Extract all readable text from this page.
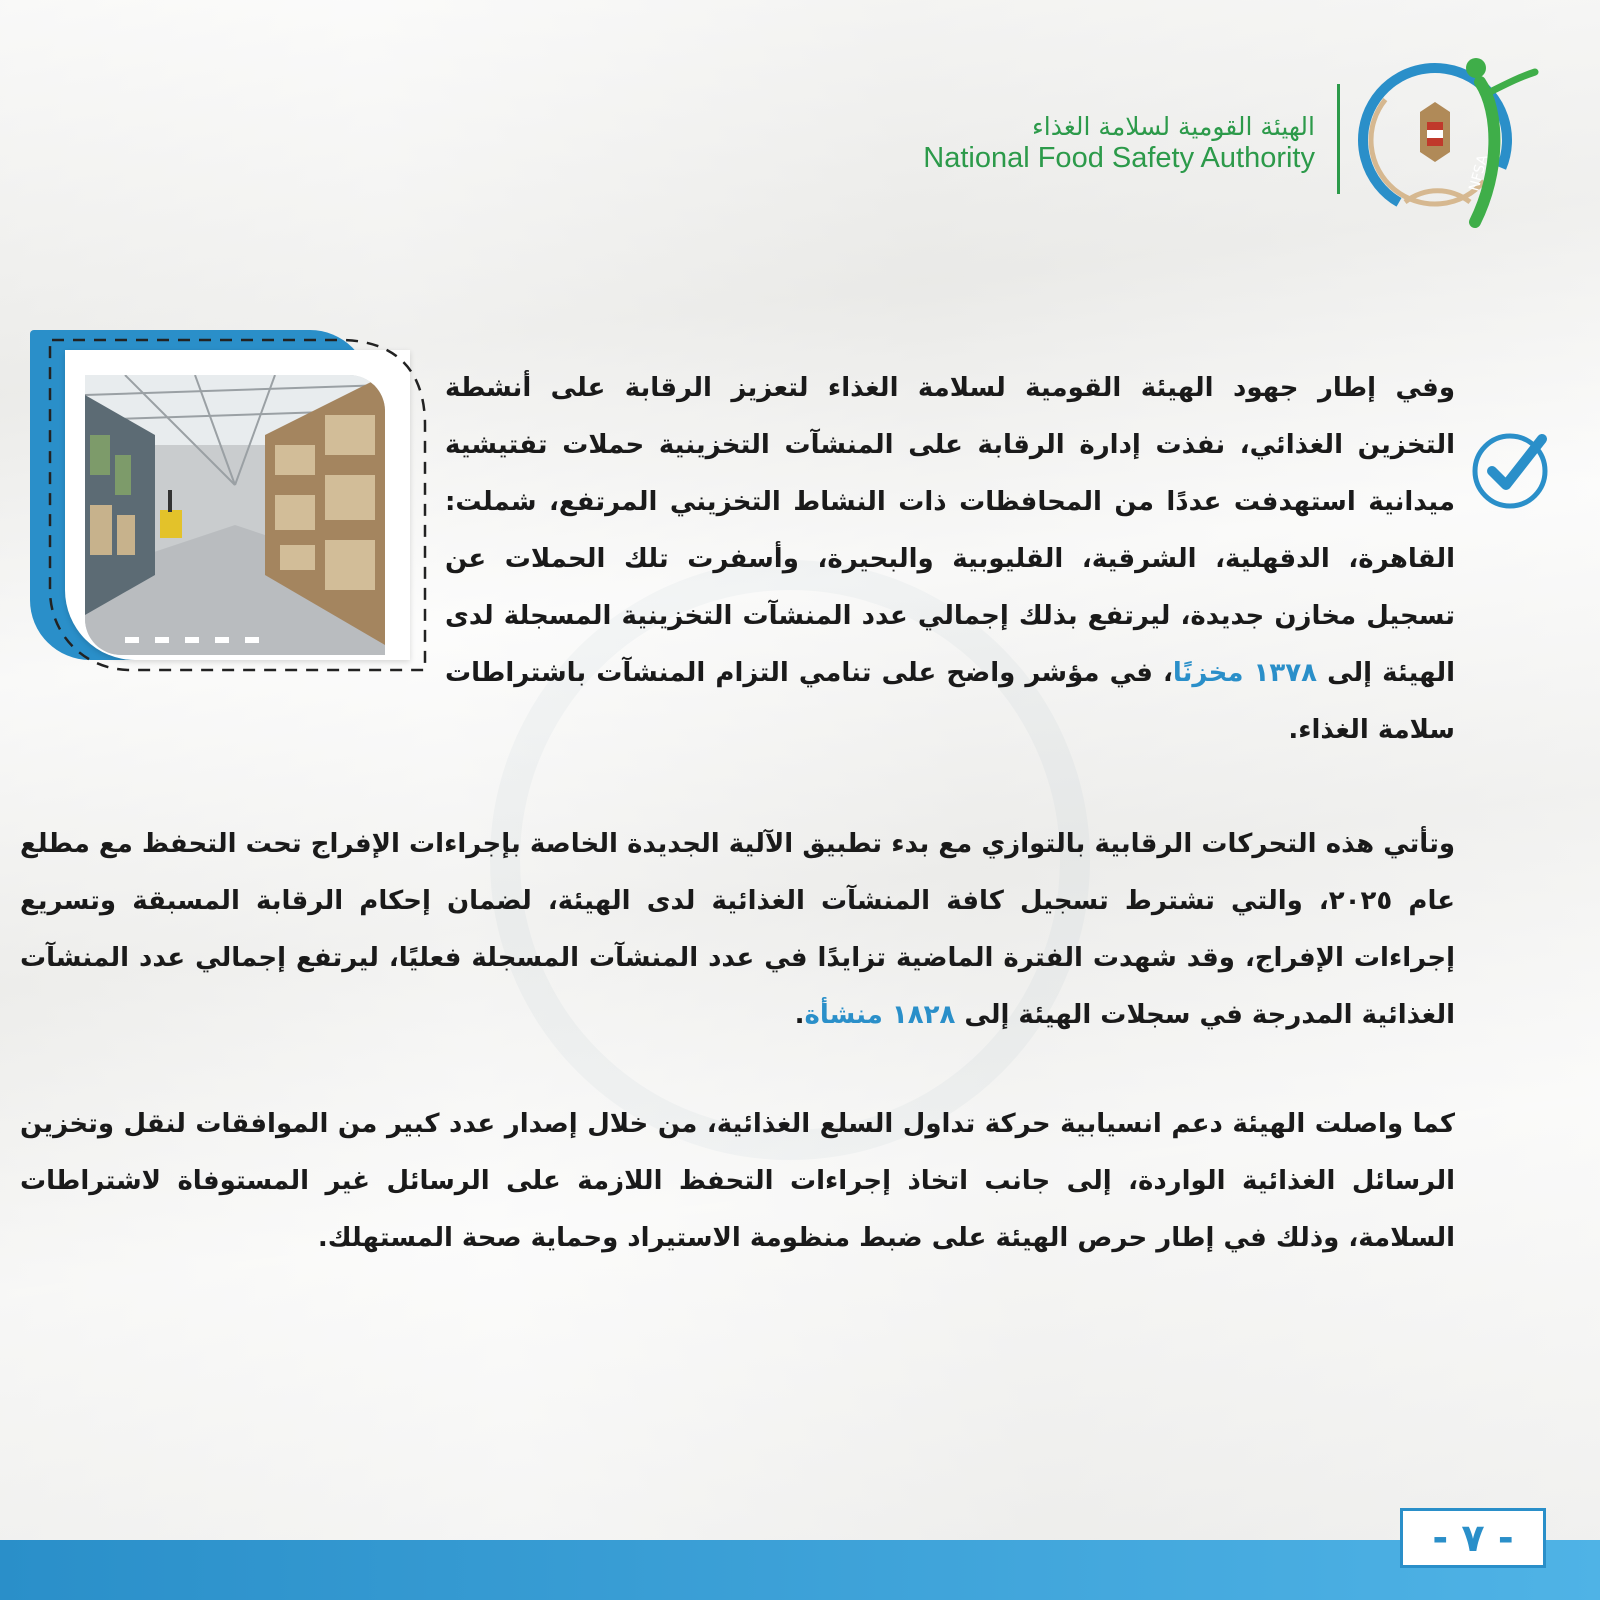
الهيئة القومية لسلامة الغذاء
National Food Safety Authority	NFSA
وفي إطار جهود الهيئة القومية لسلامة الغذاء لتعزيز الرقابة على أنشطة التخزين الغذائي، نفذت إدارة الرقابة على المنشآت التخزينية حملات تفتيشية ميدانية استهدفت عددًا من المحافظات ذات النشاط التخزيني المرتفع، شملت: القاهرة، الدقهلية، الشرقية، القليوبية والبحيرة، وأسفرت تلك الحملات عن تسجيل مخازن جديدة، ليرتفع بذلك إجمالي عدد المنشآت التخزينية المسجلة لدى الهيئة إلى ١٣٧٨ مخزنًا، في مؤشر واضح على تنامي التزام المنشآت باشتراطات سلامة الغذاء.
وتأتي هذه التحركات الرقابية بالتوازي مع بدء تطبيق الآلية الجديدة الخاصة بإجراءات الإفراج تحت التحفظ مع مطلع عام ٢٠٢٥، والتي تشترط تسجيل كافة المنشآت الغذائية لدى الهيئة، لضمان إحكام الرقابة المسبقة وتسريع إجراءات الإفراج، وقد شهدت الفترة الماضية تزايدًا في عدد المنشآت المسجلة فعليًا، ليرتفع إجمالي عدد المنشآت الغذائية المدرجة في سجلات الهيئة إلى ١٨٢٨ منشأة.
كما واصلت الهيئة دعم انسيابية حركة تداول السلع الغذائية، من خلال إصدار عدد كبير من الموافقات لنقل وتخزين الرسائل الغذائية الواردة، إلى جانب اتخاذ إجراءات التحفظ اللازمة على الرسائل غير المستوفاة لاشتراطات السلامة، وذلك في إطار حرص الهيئة على ضبط منظومة الاستيراد وحماية صحة المستهلك.
- ٧ -
